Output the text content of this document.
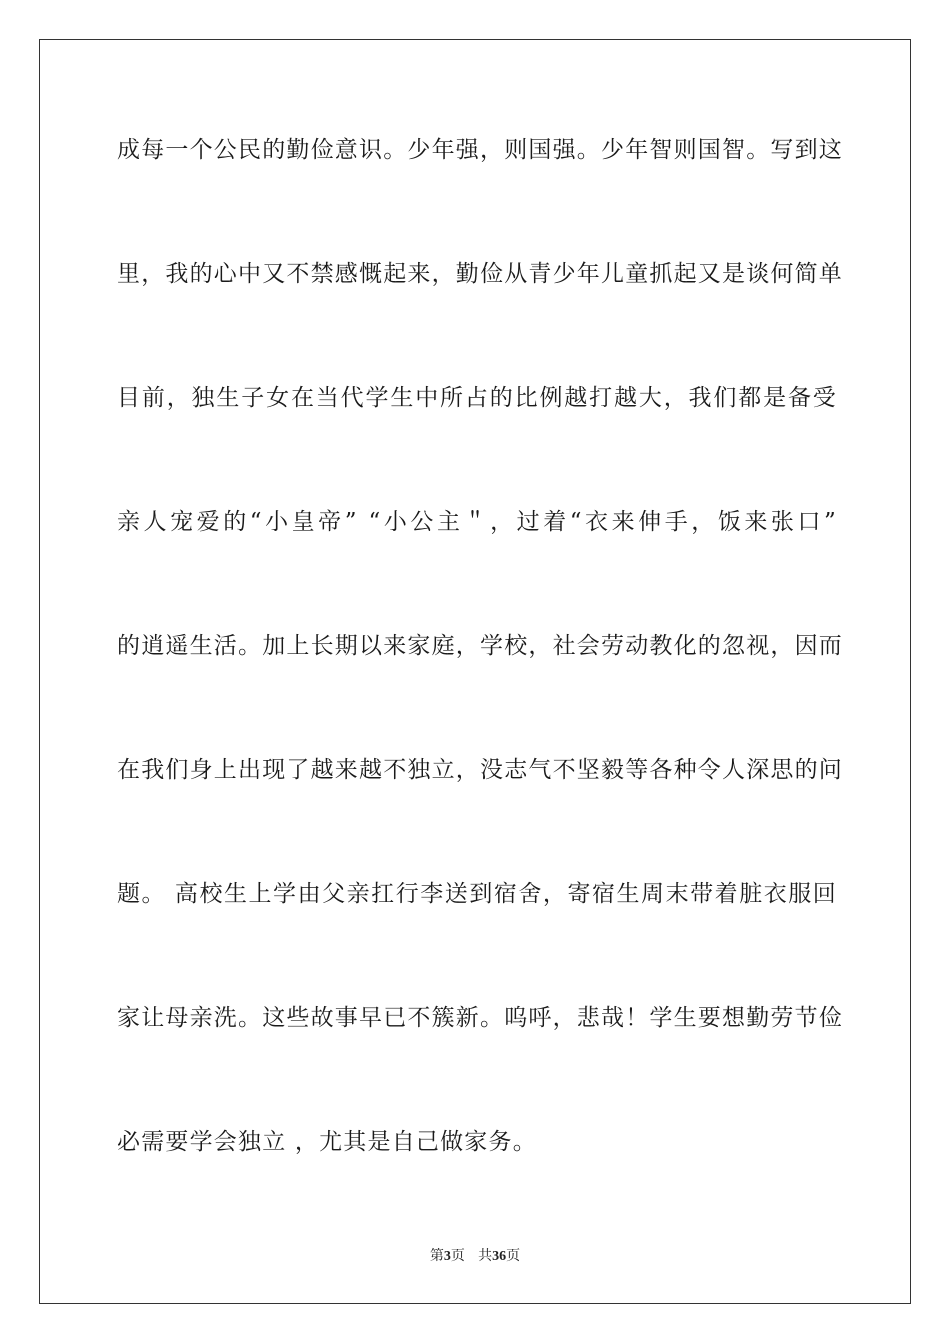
成每一个公民的勤俭意识。少年强，则国强。少年智则国智。写到这
里，我的心中又不禁感慨起来，勤俭从青少年儿童抓起又是谈何简单
目前，独生子女在当代学生中所占的比例越打越大，我们都是备受
亲人宠爱的“小皇帝” “小公主＂，过着“衣来伸手，饭来张口”
的逍遥生活。加上长期以来家庭，学校，社会劳动教化的忽视，因而
在我们身上出现了越来越不独立，没志气不坚毅等各种令人深思的问
题。 高校生上学由父亲扛行李送到宿舍，寄宿生周末带着脏衣服回
家让母亲洗。这些故事早已不簇新。呜呼，悲哉！学生要想勤劳节俭
必需要学会独立 ，尤其是自己做家务。
第3页 共36页
